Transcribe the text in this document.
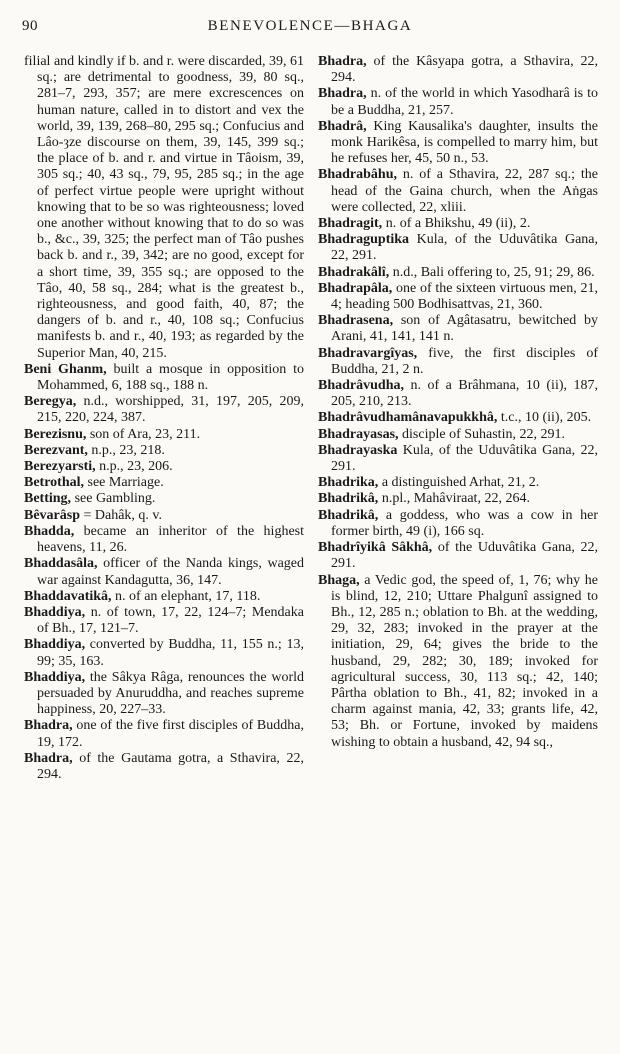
90	BENEVOLENCE—BHAGA

filial and kindly if b. and r. were discarded, 39, 61 sq.; are detrimental to goodness, 39, 80 sq., 281–7, 293, 357; are mere excrescences on human nature, called in to distort and vex the world, 39, 139, 268–80, 295 sq.; Confucius and Lâo-ȝze discourse on them, 39, 145, 399 sq.; the place of b. and r. and virtue in Tâoism, 39, 305 sq.; 40, 43 sq., 79, 95, 285 sq.; in the age of perfect virtue people were upright without knowing that to be so was righteousness; loved one another without knowing that to do so was b., &c., 39, 325; the perfect man of Tâo pushes back b. and r., 39, 342; are no good, except for a short time, 39, 355 sq.; are opposed to the Tâo, 40, 58 sq., 284; what is the greatest b., righteousness, and good faith, 40, 87; the dangers of b. and r., 40, 108 sq.; Confucius manifests b. and r., 40, 193; as regarded by the Superior Man, 40, 215.

Beni Ghanm, built a mosque in opposition to Mohammed, 6, 188 sq., 188 n.

Beregya, n.d., worshipped, 31, 197, 205, 209, 215, 220, 224, 387.

Berezisnu, son of Ara, 23, 211.

Berezvant, n.p., 23, 218.

Berezyarsti, n.p., 23, 206.

Betrothal, see Marriage.

Betting, see Gambling.

Bêvarâsp = Dahâk, q. v.

Bhadda, became an inheritor of the highest heavens, 11, 26.

Bhaddasâla, officer of the Nanda kings, waged war against Kandagutta, 36, 147.

Bhaddavatikâ, n. of an elephant, 17, 118.

Bhaddiya, n. of town, 17, 22, 124–7; Mendaka of Bh., 17, 121–7.

Bhaddiya, converted by Buddha, 11, 155 n.; 13, 99; 35, 163.

Bhaddiya, the Sâkya Râga, renounces the world persuaded by Anuruddha, and reaches supreme happiness, 20, 227–33.

Bhadra, one of the five first disciples of Buddha, 19, 172.

Bhadra, of the Gautama gotra, a Sthavira, 22, 294.

Bhadra, of the Kâsyapa gotra, a Sthavira, 22, 294.

Bhadra, n. of the world in which Yasodharâ is to be a Buddha, 21, 257.

Bhadrâ, King Kausalika's daughter, insults the monk Harikêsa, is compelled to marry him, but he refuses her, 45, 50 n., 53.

Bhadrabâhu, n. of a Sthavira, 22, 287 sq.; the head of the Gaina church, when the Aṅgas were collected, 22, xliii.

Bhadragit, n. of a Bhikshu, 49 (ii), 2.

Bhadraguptika Kula, of the Uduvâtika Gana, 22, 291.

Bhadrakâlî, n.d., Bali offering to, 25, 91; 29, 86.

Bhadrapâla, one of the sixteen virtuous men, 21, 4; heading 500 Bodhisattvas, 21, 360.

Bhadrasena, son of Agâtasatru, bewitched by Arani, 41, 141, 141 n.

Bhadravargîyas, five, the first disciples of Buddha, 21, 2 n.

Bhadrâvudha, n. of a Brâhmana, 10 (ii), 187, 205, 210, 213.

Bhadrâvudhamânavapukkhâ, t.c., 10 (ii), 205.

Bhadrayasas, disciple of Suhastin, 22, 291.

Bhadrayaska Kula, of the Uduvâtika Gana, 22, 291.

Bhadrika, a distinguished Arhat, 21, 2.

Bhadrikâ, n.pl., Mahâviraat, 22, 264.

Bhadrikâ, a goddess, who was a cow in her former birth, 49 (i), 166 sq.

Bhadrîyikâ Sâkhâ, of the Uduvâtika Gana, 22, 291.

Bhaga, a Vedic god, the speed of, 1, 76; why he is blind, 12, 210; Uttare Phalgunî assigned to Bh., 12, 285 n.; oblation to Bh. at the wedding, 29, 32, 283; invoked in the prayer at the initiation, 29, 64; gives the bride to the husband, 29, 282; 30, 189; invoked for agricultural success, 30, 113 sq.; 42, 140; Pârtha oblation to Bh., 41, 82; invoked in a charm against mania, 42, 33; grants life, 42, 53; Bh. or Fortune, invoked by maidens wishing to obtain a husband, 42, 94 sq.,
